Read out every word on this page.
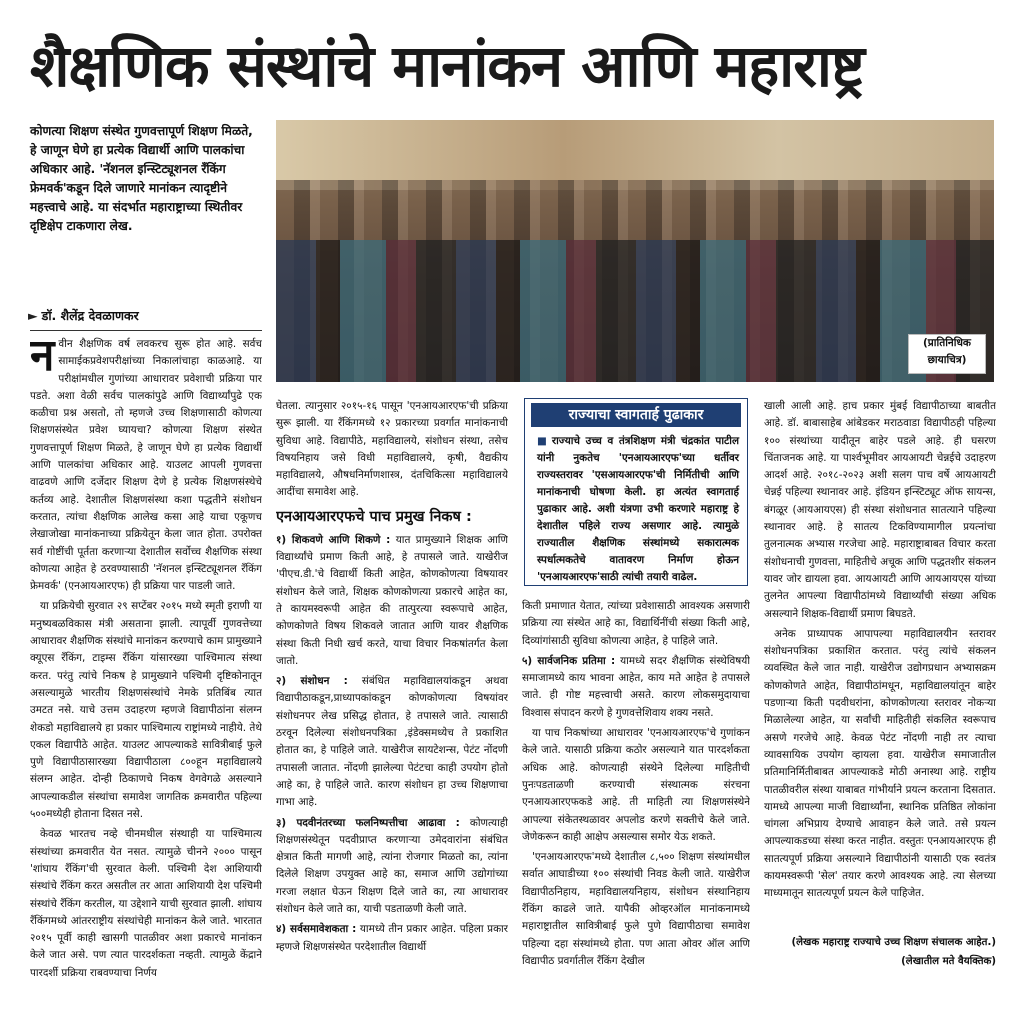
शैक्षणिक संस्थांचे मानांकन आणि महाराष्ट्र
कोणत्या शिक्षण संस्थेत गुणवत्तापूर्ण शिक्षण मिळते, हे जाणून घेणे हा प्रत्येक विद्यार्थी आणि पालकांचा अधिकार आहे. 'नॅशनल इन्स्टिट्यूशनल रँकिंग फ्रेमवर्क'कडून दिले जाणारे मानांकन त्यादृष्टीने महत्त्वाचे आहे. या संदर्भात महाराष्ट्राच्या स्थितीवर दृष्टिक्षेप टाकणारा लेख.
► डॉ. शैलेंद्र देवळाणकर
(प्रातिनिधिक
छायाचित्र)

नवीन शैक्षणिक वर्ष लवकरच सुरू होत आहे. सर्वच सामाईकप्रवेशपरीक्षांच्या निकालांचाहा काळआहे. या परीक्षांमधील गुणांच्या आधारावर प्रवेशाची प्रक्रिया पार पडते. अशा वेळी सर्वच पालकांपुढे आणि विद्यार्थ्यांपुढे एक कळीचा प्रश्न असतो, तो म्हणजे उच्च शिक्षणासाठी कोणत्या शिक्षणसंस्थेत प्रवेश घ्यायचा? कोणत्या शिक्षण संस्थेत गुणवत्तापूर्ण शिक्षण मिळते, हे जाणून घेणे हा प्रत्येक विद्यार्थी आणि पालकांचा अधिकार आहे. याउलट आपली गुणवत्ता वाढवणे आणि दर्जेदार शिक्षण देणे हे प्रत्येक शिक्षणसंस्थेचे कर्तव्य आहे. देशातील शिक्षणसंस्था कशा पद्धतीने संशोधन करतात, त्यांचा शैक्षणिक आलेख कसा आहे याचा एकूणच लेखाजोखा मानांकनाच्या प्रक्रियेतून केला जात होता. उपरोक्त सर्व गोष्टींची पूर्तता करणाऱ्या देशातील सर्वोच्च शैक्षणिक संस्था कोणत्या आहेत हे ठरवण्यासाठी 'नॅशनल इन्स्टिट्यूशनल रँकिंग फ्रेमवर्क' (एनआयआरएफ) ही प्रक्रिया पार पाडली जाते.

या प्रक्रियेची सुरवात २९ सप्टेंबर २०१५ मध्ये स्मृती इराणी या मनुष्यबळविकास मंत्री असताना झाली. त्यापूर्वी गुणवत्तेच्या आधारावर शैक्षणिक संस्थांचे मानांकन करण्याचे काम प्रामुख्याने क्यूएस रँकिंग, टाइम्स रँकिंग यांसारख्या पाश्चिमात्य संस्था करत. परंतु त्यांचे निकष हे प्रामुख्याने पश्चिमी दृष्टिकोनातून असल्यामुळे भारतीय शिक्षणसंस्थांचे नेमके प्रतिबिंब त्यात उमटत नसे. याचे उत्तम उदाहरण म्हणजे विद्यापीठांना संलग्न शेकडो महाविद्यालये हा प्रकार पाश्चिमात्य राष्ट्रांमध्ये नाहीये. तेथे एकल विद्यापीठे आहेत. याउलट आपल्याकडे सावित्रीबाई फुले पुणे विद्यापीठासारख्या विद्यापीठाला ८००हून महाविद्यालये संलग्न आहेत. दोन्ही ठिकाणचे निकष वेगवेगळे असल्याने आपल्याकडील संस्थांचा समावेश जागतिक क्रमवारीत पहिल्या ५००मध्येही होताना दिसत नसे.

केवळ भारतच नव्हे चीनमधील संस्थाही या पाश्चिमात्य संस्थांच्या क्रमवारीत येत नसत. त्यामुळे चीनने २००० पासून 'शांघाय रँकिंग'ची सुरवात केली. पश्चिमी देश आशियायी संस्थांचे रँकिंग करत असतील तर आता आशियायी देश पश्चिमी संस्थांचे रँकिंग करतील, या उद्देशाने याची सुरवात झाली. शांघाय रँकिंगमध्ये आंतरराष्ट्रीय संस्थांचेही मानांकन केले जाते. भारतात २०१५ पूर्वी काही खासगी पातळीवर अशा प्रकारचे मानांकन केले जात असे. पण त्यात पारदर्शकता नव्हती. त्यामुळे केंद्राने पारदर्शी प्रक्रिया राबवण्याचा निर्णय

घेतला. त्यानुसार २०१५-१६ पासून 'एनआयआरएफ'ची प्रक्रिया सुरू झाली. या रँकिंगमध्ये १२ प्रकारच्या प्रवर्गात मानांकनाची सुविधा आहे. विद्यापीठे, महाविद्यालये, संशोधन संस्था, तसेच विषयनिहाय जसे विधी महाविद्यालये, कृषी, वैद्यकीय महाविद्यालये, औषधनिर्माणशास्त्र, दंतचिकित्सा महाविद्यालये आदींचा समावेश आहे.

एनआयआरएफचे पाच प्रमुख निकष :

१) शिकवणे आणि शिकणे : यात प्रामुख्याने शिक्षक आणि विद्यार्थ्यांचे प्रमाण किती आहे, हे तपासले जाते. याखेरीज 'पीएच.डी.'चे विद्यार्थी किती आहेत, कोणकोणत्या विषयावर संशोधन केले जाते, शिक्षक कोणकोणत्या प्रकारचे आहेत का, ते कायमस्वरूपी आहेत की तात्पुरत्या स्वरूपाचे आहेत, कोणकोणते विषय शिकवले जातात आणि यावर शैक्षणिक संस्था किती निधी खर्च करते, याचा विचार निकषांतर्गत केला जातो.

२) संशोधन : संबंधित महाविद्यालयांकडून अथवा विद्यापीठाकडून,प्राध्यापकांकडून कोणकोणत्या विषयांवर संशोधनपर लेख प्रसिद्ध होतात, हे तपासले जाते. त्यासाठी ठरवून दिलेल्या संशोधनपत्रिका ,इंडेक्समध्येच ते प्रकाशित होतात का, हे पाहिले जाते. याखेरीज सायटेशन्स, पेटंट नोंदणी तपासली जातात. नोंदणी झालेल्या पेटंटचा काही उपयोग होतो आहे का, हे पाहिले जाते. कारण संशोधन हा उच्च शिक्षणाचा गाभा आहे.

३) पदवीनंतरच्या फलनिष्पत्तीचा आढावा : कोणत्याही शिक्षणसंस्थेतून पदवीप्राप्त करणाऱ्या उमेदवारांना संबंधित क्षेत्रात किती मागणी आहे, त्यांना रोजगार मिळतो का, त्यांना दिलेले शिक्षण उपयुक्त आहे का, समाज आणि उद्योगांच्या गरजा लक्षात घेऊन शिक्षण दिले जाते का, त्या आधारावर संशोधन केले जाते का, याची पडताळणी केली जाते.

४) सर्वसमावेशकता : यामध्ये तीन प्रकार आहेत. पहिला प्रकार म्हणजे शिक्षणसंस्थेत परदेशातील विद्यार्थी

राज्याचा स्वागतार्ह पुढाकार
■ राज्याचे उच्च व तंत्रशिक्षण मंत्री चंद्रकांत पाटील यांनी नुकतेच 'एनआयआरएफ'च्या धर्तीवर राज्यस्तरावर 'एसआयआरएफ'ची निर्मितीची आणि मानांकनाची घोषणा केली. हा अत्यंत स्वागतार्ह पुढाकार आहे. अशी यंत्रणा उभी करणारे महाराष्ट्र हे देशातील पहिले राज्य असणार आहे. त्यामुळे राज्यातील शैक्षणिक संस्थांमध्ये सकारात्मक स्पर्धात्मकतेचे वातावरण निर्माण होऊन 'एनआयआरएफ'साठी त्यांची तयारी वाढेल.

किती प्रमाणात येतात, त्यांच्या प्रवेशासाठी आवश्यक असणारी प्रक्रिया त्या संस्थेत आहे का, विद्यार्थिनींची संख्या किती आहे, दिव्यांगांसाठी सुविधा कोणत्या आहेत, हे पाहिले जाते.

५) सार्वजनिक प्रतिमा : यामध्ये सदर शैक्षणिक संस्थेविषयी समाजामध्ये काय भावना आहेत, काय मते आहेत हे तपासले जाते. ही गोष्ट महत्त्वाची असते. कारण लोकसमुदायाचा विश्वास संपादन करणे हे गुणवत्तेशिवाय शक्य नसते.

या पाच निकषांच्या आधारावर 'एनआयआरएफ'चे गुणांकन केले जाते. यासाठी प्रक्रिया कठोर असल्याने यात पारदर्शकता अधिक आहे. कोणत्याही संस्थेने दिलेल्या माहितीची पुनःपडताळणी करण्याची संस्थात्मक संरचना एनआयआरएफकडे आहे. ती माहिती त्या शिक्षणसंस्थेने आपल्या संकेतस्थळावर अपलोड करणे सक्तीचे केले जाते. जेणेकरून काही आक्षेप असल्यास समोर येऊ शकते.

'एनआयआरएफ'मध्ये देशातील ८,५०० शिक्षण संस्थांमधील सर्वात आघाडीच्या १०० संस्थांची निवड केली जाते. याखेरीज विद्यापीठनिहाय, महाविद्यालयनिहाय, संशोधन संस्थानिहाय रँकिंग काढले जाते. यापैकी ओव्हरऑल मानांकनामध्ये महाराष्ट्रातील सावित्रीबाई फुले पुणे विद्यापीठाचा समावेश पहिल्या दहा संस्थांमध्ये होता. पण आता ओवर ऑल आणि विद्यापीठ प्रवर्गातील रँकिंग देखील

खाली आली आहे. हाच प्रकार मुंबई विद्यापीठाच्या बाबतीत आहे. डॉ. बाबासाहेब आंबेडकर मराठवाडा विद्यापीठही पहिल्या १०० संस्थांच्या यादीतून बाहेर पडले आहे. ही घसरण चिंताजनक आहे. या पार्श्वभूमीवर आयआयटी चेन्नईचे उदाहरण आदर्श आहे. २०१८-२०२३ अशी सलग पाच वर्षे आयआयटी चेन्नई पहिल्या स्थानावर आहे. इंडियन इन्स्टिट्यूट ऑफ सायन्स, बंगळूर (आयआयएस) ही संस्था संशोधनात सातत्याने पहिल्या स्थानावर आहे. हे सातत्य टिकविण्यामागील प्रयत्नांचा तुलनात्मक अभ्यास गरजेचा आहे. महाराष्ट्राबाबत विचार करता संशोधनाची गुणवत्ता, माहितीचे अचूक आणि पद्धतशीर संकलन यावर जोर द्यायला हवा. आयआयटी आणि आयआयएस यांच्या तुलनेत आपल्या विद्यापीठांमध्ये विद्यार्थ्यांची संख्या अधिक असल्याने शिक्षक-विद्यार्थी प्रमाण बिघडते.

अनेक प्राध्यापक आपापल्या महाविद्यालयीन स्तरावर संशोधनपत्रिका प्रकाशित करतात. परंतु त्यांचे संकलन व्यवस्थित केले जात नाही. याखेरीज उद्योगप्रधान अभ्यासक्रम कोणकोणते आहेत, विद्यापीठांमधून, महाविद्यालयांतून बाहेर पडणाऱ्या किती पदवीधरांना, कोणकोणत्या स्तरावर नोकऱ्या मिळालेल्या आहेत, या सर्वांची माहितीही संकलित स्वरूपाच असणे गरजेचे आहे. केवळ पेटंट नोंदणी नाही तर त्याचा व्यावसायिक उपयोग व्हायला हवा. याखेरीज समाजातील प्रतिमानिर्मितीबाबत आपल्याकडे मोठी अनास्था आहे. राष्ट्रीय पातळीवरील संस्था याबाबत गांभीर्याने प्रयत्न करताना दिसतात. यामध्ये आपल्या माजी विद्यार्थ्यांना, स्थानिक प्रतिष्ठित लोकांना चांगला अभिप्राय देण्याचे आवाहन केले जाते. तसे प्रयत्न आपल्याकडच्या संस्था करत नाहीत. वस्तुतः एनआयआरएफ ही सातत्यपूर्ण प्रक्रिया असल्याने विद्यापीठांनी यासाठी एक स्वतंत्र कायमस्वरूपी 'सेल' तयार करणे आवश्यक आहे. त्या सेलच्या माध्यमातून सातत्यपूर्ण प्रयत्न केले पाहिजेत.

(लेखक महाराष्ट्र राज्याचे उच्च शिक्षण संचालक आहेत.)
(लेखातील मते वैयक्तिक)
